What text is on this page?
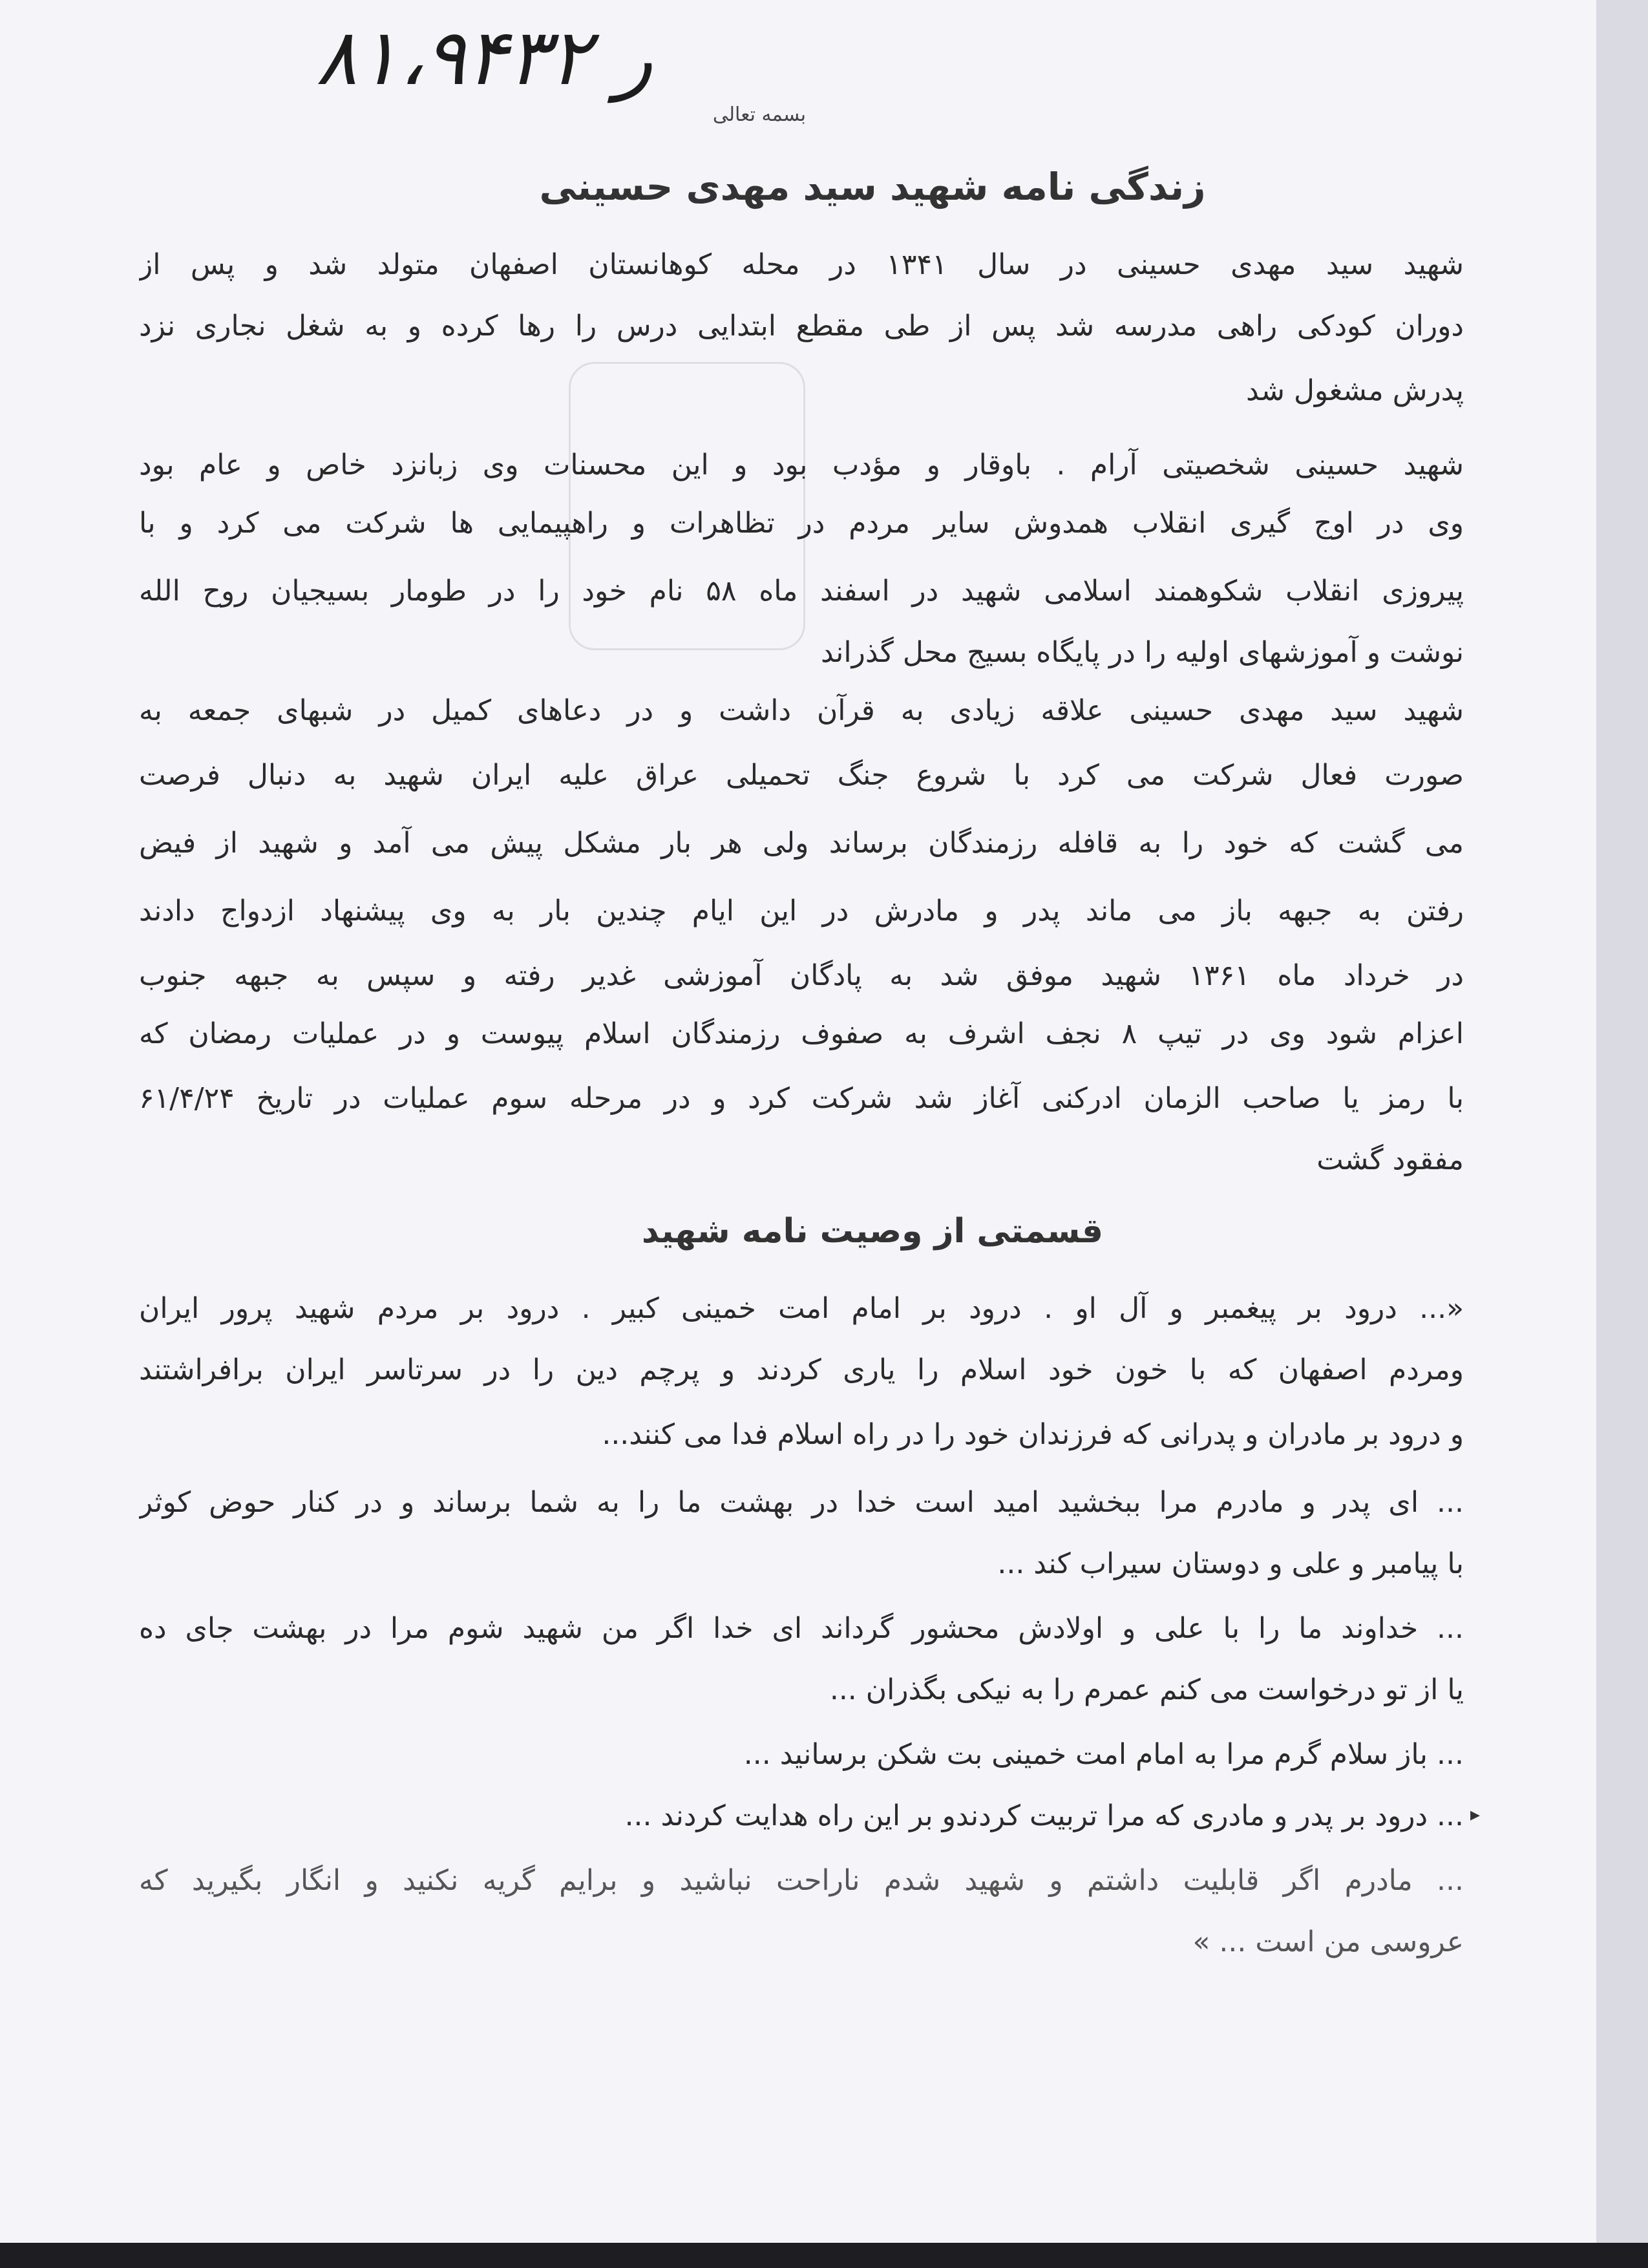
ر ۸۱،۹۴۳۲
بسمه تعالی
زندگی نامه شهید سید مهدی حسینی
شهید سید مهدی حسینی در سال ۱۳۴۱ در محله کوهانستان اصفهان متولد شد و پس از
دوران کودکی راهی مدرسه شد پس از طی مقطع ابتدایی درس را رها کرده و به شغل نجاری نزد
پدرش مشغول شد
شهید حسینی شخصیتی آرام . باوقار و مؤدب بود و این محسنات وی زبانزد خاص و عام بود
وی در اوج گیری انقلاب همدوش سایر مردم در تظاهرات و راهپیمایی ها شرکت می کرد و با
پیروزی انقلاب شکوهمند اسلامی شهید در اسفند ماه ۵۸ نام خود را در طومار بسیجیان روح الله
نوشت و آموزشهای اولیه را در پایگاه بسیج محل گذراند
شهید سید مهدی حسینی علاقه زیادی به قرآن داشت و در دعاهای کمیل در شبهای جمعه به
صورت فعال شرکت می کرد با شروع جنگ تحمیلی عراق علیه ایران شهید به دنبال فرصت
می گشت که خود را به قافله رزمندگان برساند ولی هر بار مشکل پیش می آمد و شهید از فیض
رفتن به جبهه باز می ماند پدر و مادرش در این ایام چندین بار به وی پیشنهاد ازدواج دادند
در خرداد ماه ۱۳۶۱ شهید موفق شد به پادگان آموزشی غدیر رفته و سپس به جبهه جنوب
اعزام شود وی در تیپ ۸ نجف اشرف به صفوف رزمندگان اسلام پیوست و در عملیات رمضان که
با رمز یا صاحب الزمان ادرکنی آغاز شد شرکت کرد و در مرحله سوم عملیات در تاریخ ۶۱/۴/۲۴
مفقود گشت
قسمتی از وصیت نامه شهید
«... درود بر پیغمبر و آل او . درود بر امام امت خمینی کبیر . درود بر مردم شهید پرور ایران
ومردم اصفهان که با خون خود اسلام را یاری کردند و پرچم دین را در سرتاسر ایران برافراشتند
و درود بر مادران و پدرانی که فرزندان خود را در راه اسلام فدا می کنند...
... ای پدر و مادرم مرا ببخشید امید است خدا در بهشت ما را به شما برساند و در کنار حوض کوثر
با پیامبر و علی و دوستان سیراب کند ...
... خداوند ما را با علی و اولادش محشور گرداند ای خدا اگر من شهید شوم مرا در بهشت جای ده
یا از تو درخواست می کنم عمرم را به نیکی بگذران ...
... باز سلام گرم مرا به امام امت خمینی بت شکن برسانید ...
▸
... درود بر پدر و مادری که مرا تربیت کردندو بر این راه هدایت کردند ...
... مادرم اگر قابلیت داشتم و شهید شدم ناراحت نباشید و برایم گریه نکنید و انگار بگیرید که
عروسی من است ... »
